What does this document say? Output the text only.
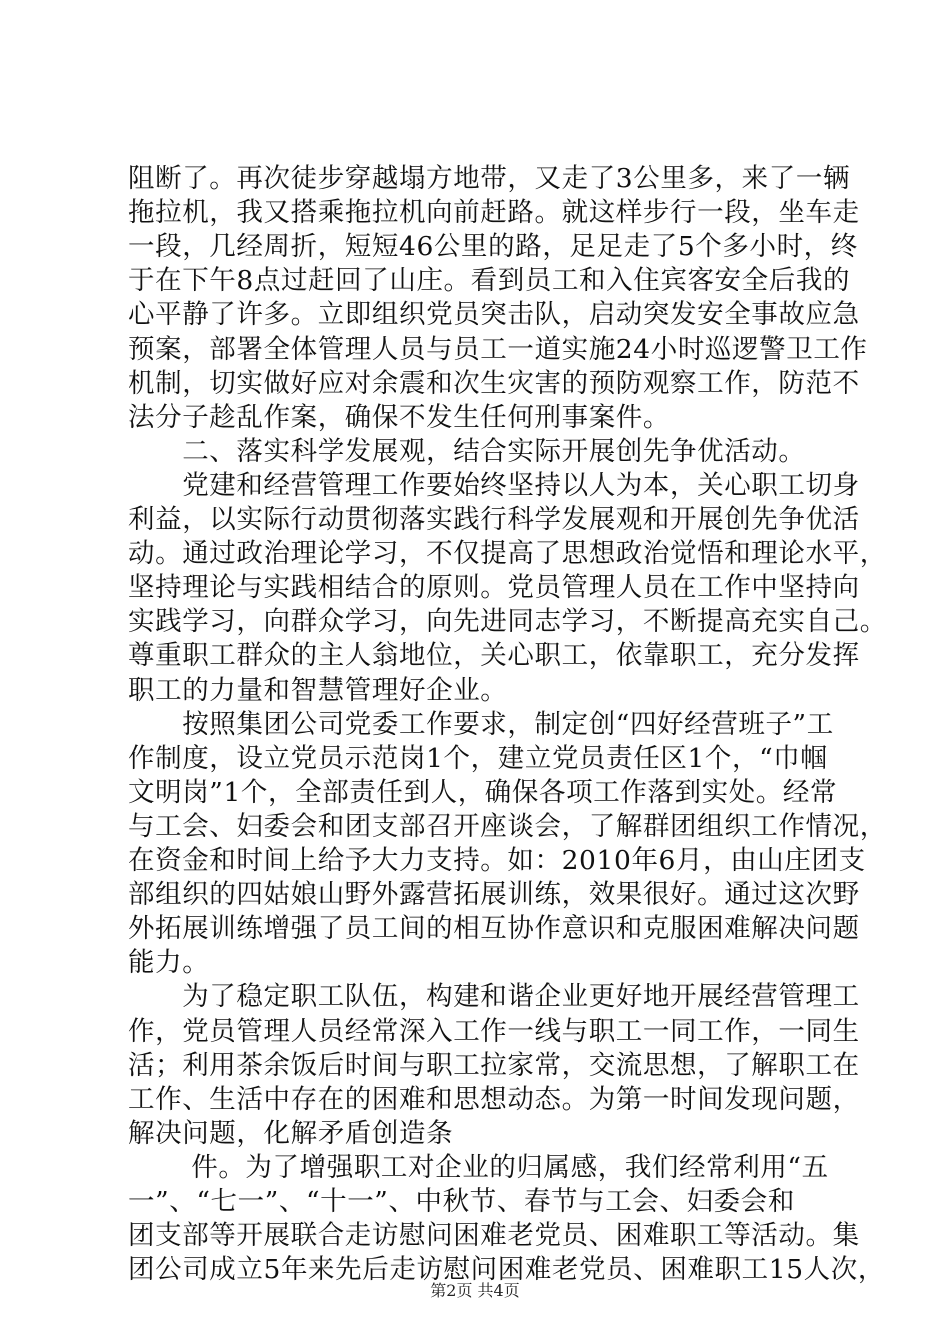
阻断了。再次徒步穿越塌方地带，又走了3公里多，来了一辆
拖拉机，我又搭乘拖拉机向前赶路。就这样步行一段，坐车走
一段，几经周折，短短46公里的路，足足走了5个多小时，终
于在下午8点过赶回了山庄。看到员工和入住宾客安全后我的
心平静了许多。立即组织党员突击队，启动突发安全事故应急
预案，部署全体管理人员与员工一道实施24小时巡逻警卫工作
机制，切实做好应对余震和次生灾害的预防观察工作，防范不
法分子趁乱作案，确保不发生任何刑事案件。
　　二、落实科学发展观，结合实际开展创先争优活动。
　　党建和经营管理工作要始终坚持以人为本，关心职工切身
利益，以实际行动贯彻落实践行科学发展观和开展创先争优活
动。通过政治理论学习，不仅提高了思想政治觉悟和理论水平，
坚持理论与实践相结合的原则。党员管理人员在工作中坚持向
实践学习，向群众学习，向先进同志学习，不断提高充实自己。
尊重职工群众的主人翁地位，关心职工，依靠职工，充分发挥
职工的力量和智慧管理好企业。
　　按照集团公司党委工作要求，制定创“四好经营班子”工
作制度，设立党员示范岗1个，建立党员责任区1个，“巾帼
文明岗”1个，全部责任到人，确保各项工作落到实处。经常
与工会、妇委会和团支部召开座谈会，了解群团组织工作情况，
在资金和时间上给予大力支持。如：2010年6月，由山庄团支
部组织的四姑娘山野外露营拓展训练，效果很好。通过这次野
外拓展训练增强了员工间的相互协作意识和克服困难解决问题
能力。
　　为了稳定职工队伍，构建和谐企业更好地开展经营管理工
作，党员管理人员经常深入工作一线与职工一同工作，一同生
活；利用茶余饭后时间与职工拉家常，交流思想，了解职工在
工作、生活中存在的困难和思想动态。为第一时间发现问题，
解决问题，化解矛盾创造条
　　 件。为了增强职工对企业的归属感，我们经常利用“五
一”、“七一”、“十一”、中秋节、春节与工会、妇委会和
团支部等开展联合走访慰问困难老党员、困难职工等活动。集
团公司成立5年来先后走访慰问困难老党员、困难职工15人次，
第2页 共4页
